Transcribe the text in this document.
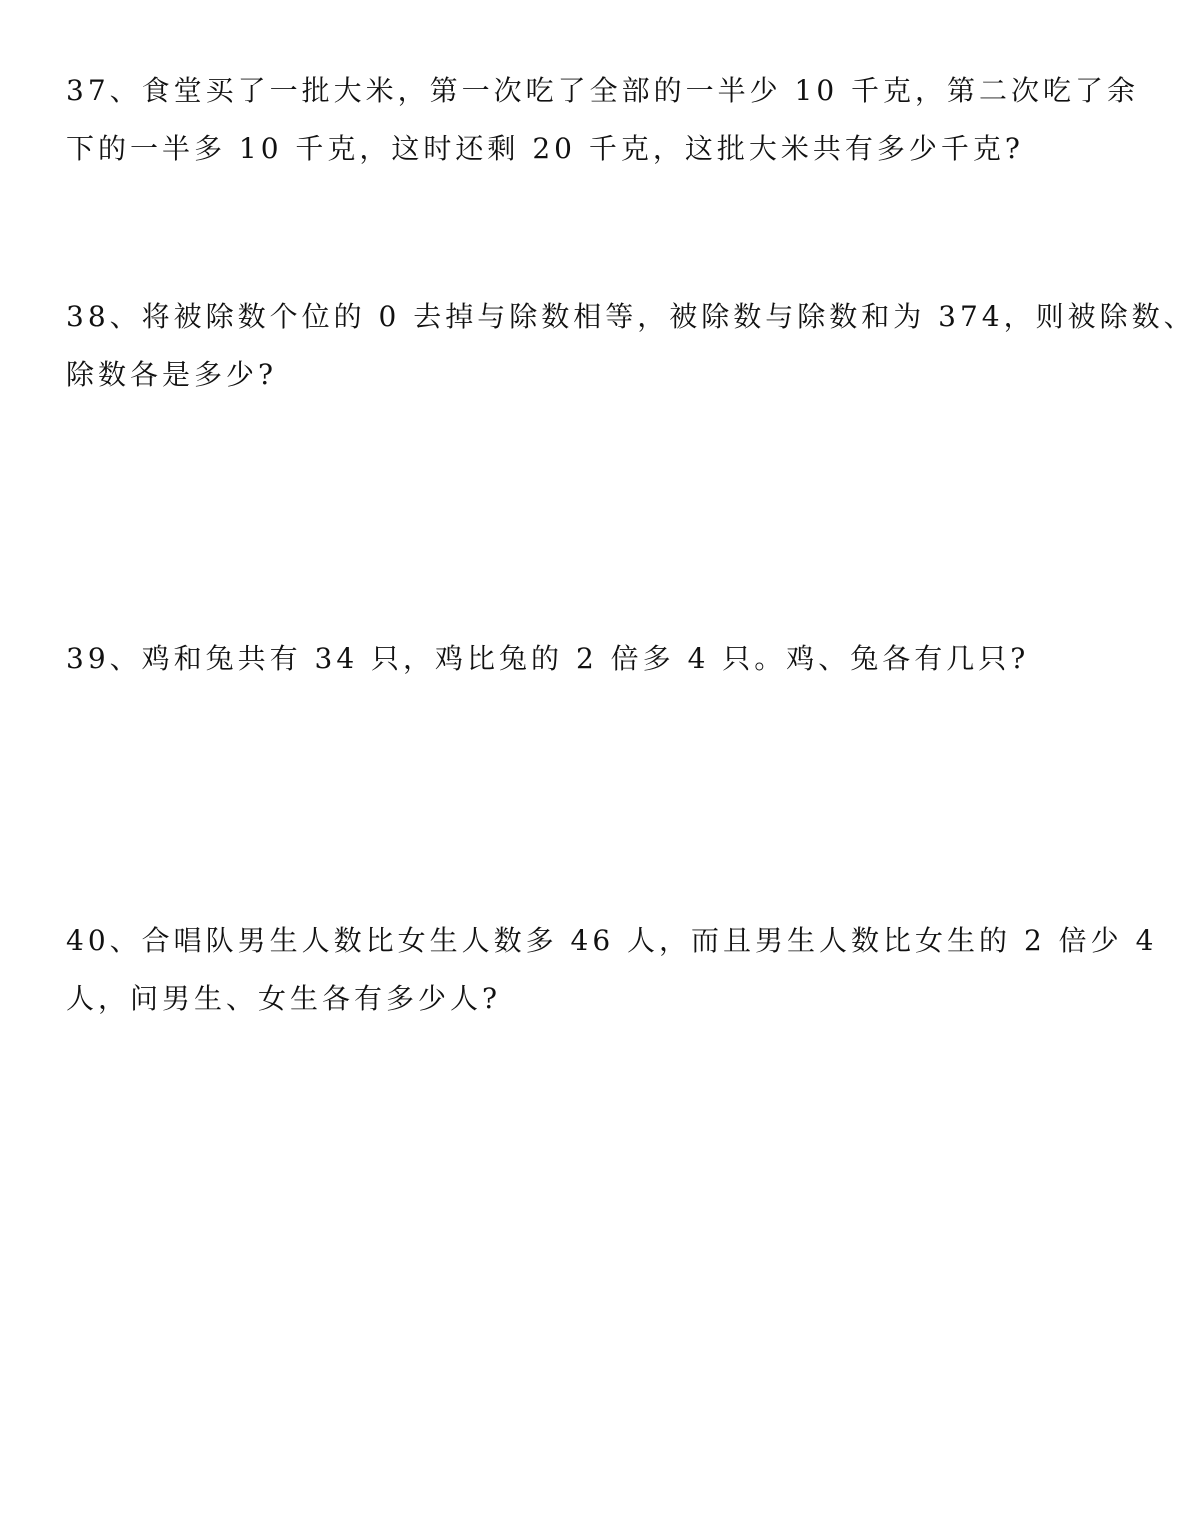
37、食堂买了一批大米，第一次吃了全部的一半少 10 千克，第二次吃了余
下的一半多 10 千克，这时还剩 20 千克，这批大米共有多少千克?
38、将被除数个位的 0 去掉与除数相等，被除数与除数和为 374，则被除数、
除数各是多少?
39、鸡和兔共有 34 只，鸡比兔的 2 倍多 4 只。鸡、兔各有几只?
40、合唱队男生人数比女生人数多 46 人，而且男生人数比女生的 2 倍少 4
人，问男生、女生各有多少人?
